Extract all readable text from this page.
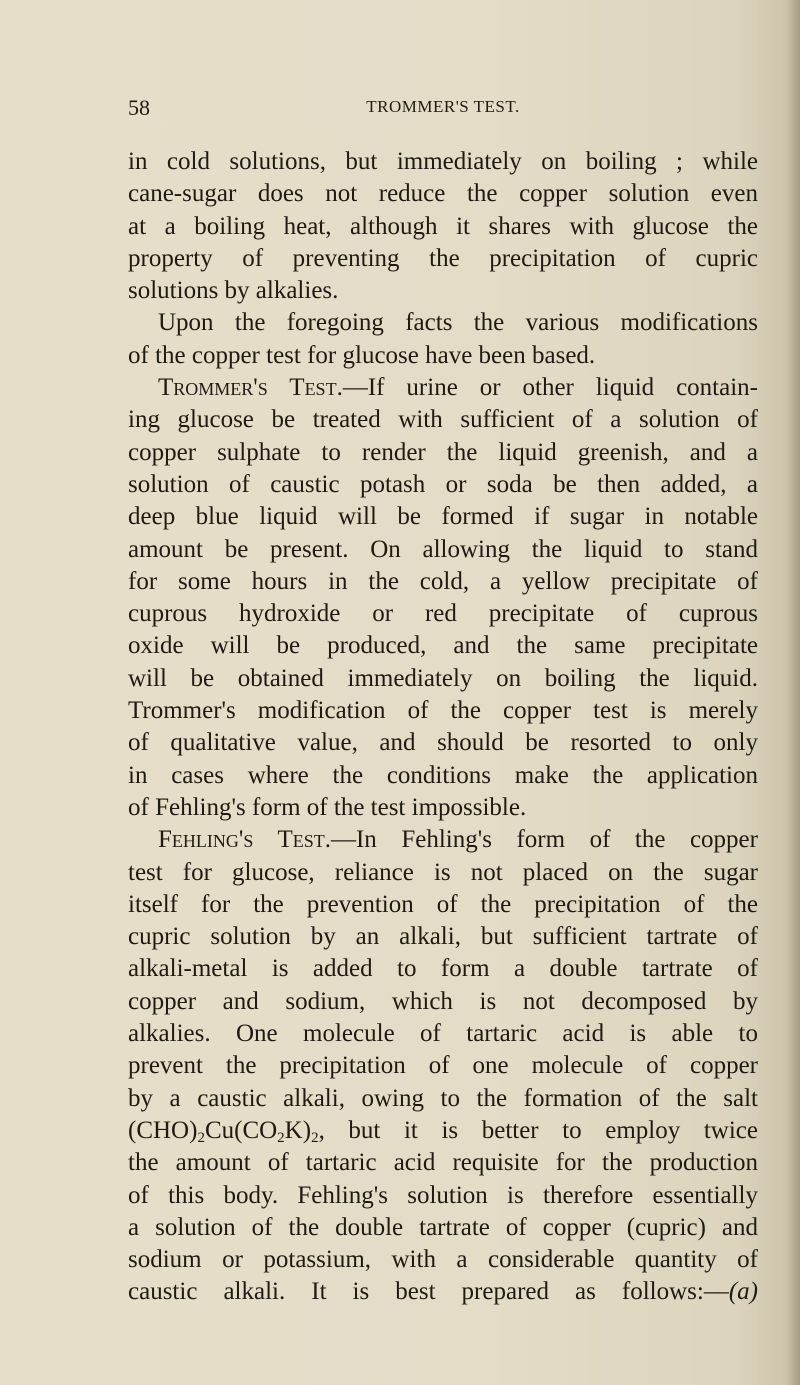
58	TROMMER'S TEST.
in cold solutions, but immediately on boiling ; while
cane-sugar does not reduce the copper solution even
at a boiling heat, although it shares with glucose the
property of preventing the precipitation of cupric
solutions by alkalies.
Upon the foregoing facts the various modifications
of the copper test for glucose have been based.
Trommer's Test.—If urine or other liquid contain-
ing glucose be treated with sufficient of a solution of
copper sulphate to render the liquid greenish, and a
solution of caustic potash or soda be then added, a
deep blue liquid will be formed if sugar in notable
amount be present. On allowing the liquid to stand
for some hours in the cold, a yellow precipitate of
cuprous hydroxide or red precipitate of cuprous
oxide will be produced, and the same precipitate
will be obtained immediately on boiling the liquid.
Trommer's modification of the copper test is merely
of qualitative value, and should be resorted to only
in cases where the conditions make the application
of Fehling's form of the test impossible.
Fehling's Test.—In Fehling's form of the copper
test for glucose, reliance is not placed on the sugar
itself for the prevention of the precipitation of the
cupric solution by an alkali, but sufficient tartrate of
alkali-metal is added to form a double tartrate of
copper and sodium, which is not decomposed by
alkalies. One molecule of tartaric acid is able to
prevent the precipitation of one molecule of copper
by a caustic alkali, owing to the formation of the salt
$(CHO)_2Cu(CO_2K)_2$, but it is better to employ twice
the amount of tartaric acid requisite for the production
of this body. Fehling's solution is therefore essentially
a solution of the double tartrate of copper (cupric) and
sodium or potassium, with a considerable quantity of
caustic alkali. It is best prepared as follows:—(a)
